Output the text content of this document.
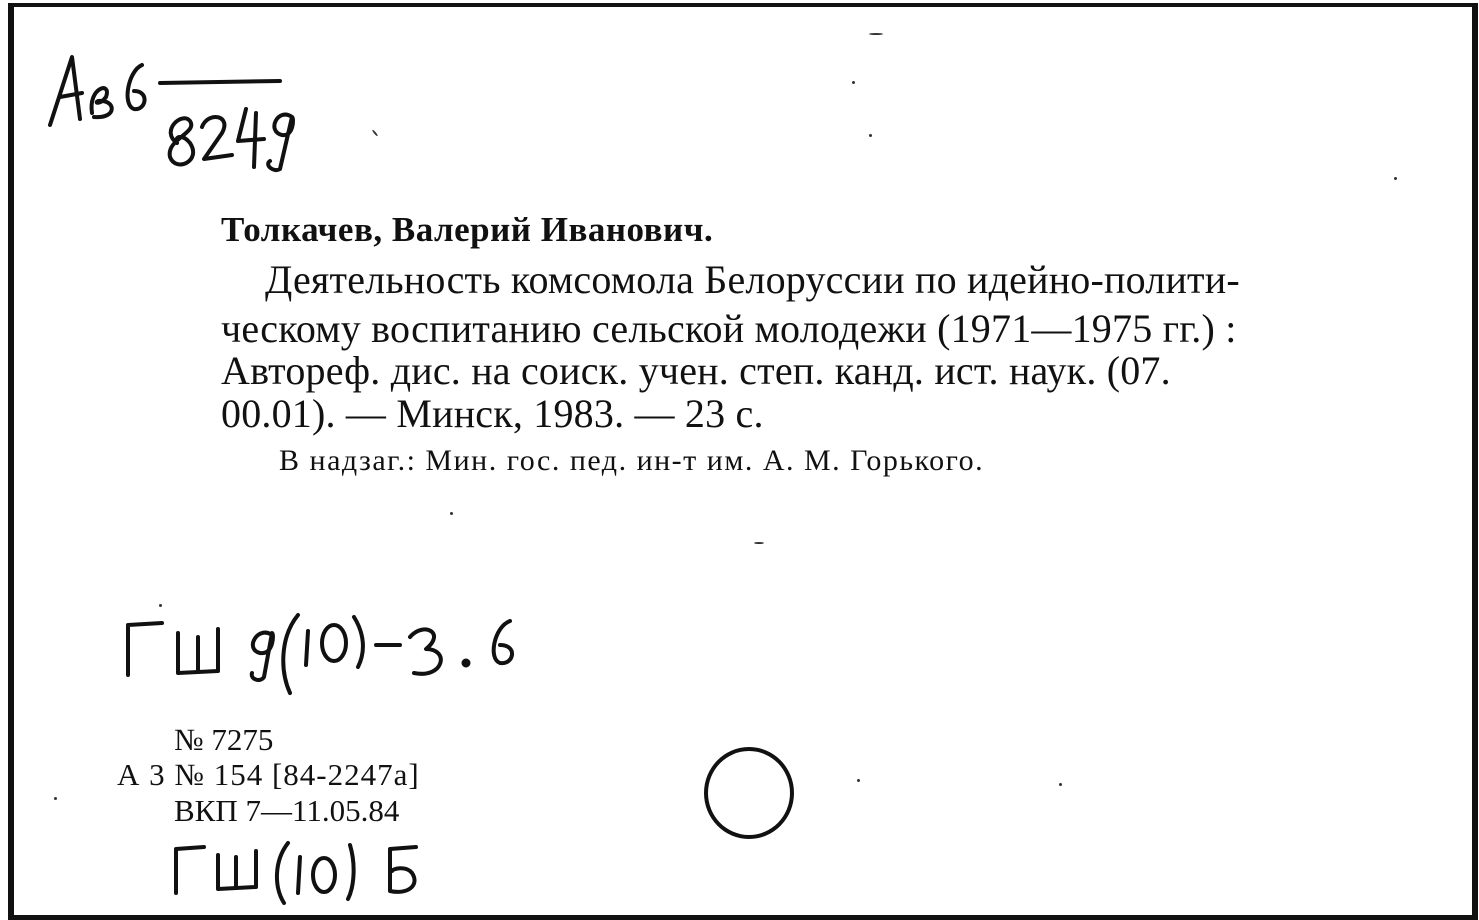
Толкачев, Валерий Иванович.
Деятельность комсомола Белоруссии по идейно-полити-
ческому воспитанию сельской молодежи (1971—1975 гг.) :
Автореф. дис. на соиск. учен. степ. канд. ист. наук. (07.
00.01). — Минск, 1983. — 23 с.
В надзаг.: Мин. гос. пед. ин-т им. А. М. Горького.
№ 7275
А 3 № 154 [84-2247а]
ВКП 7—11.05.84
